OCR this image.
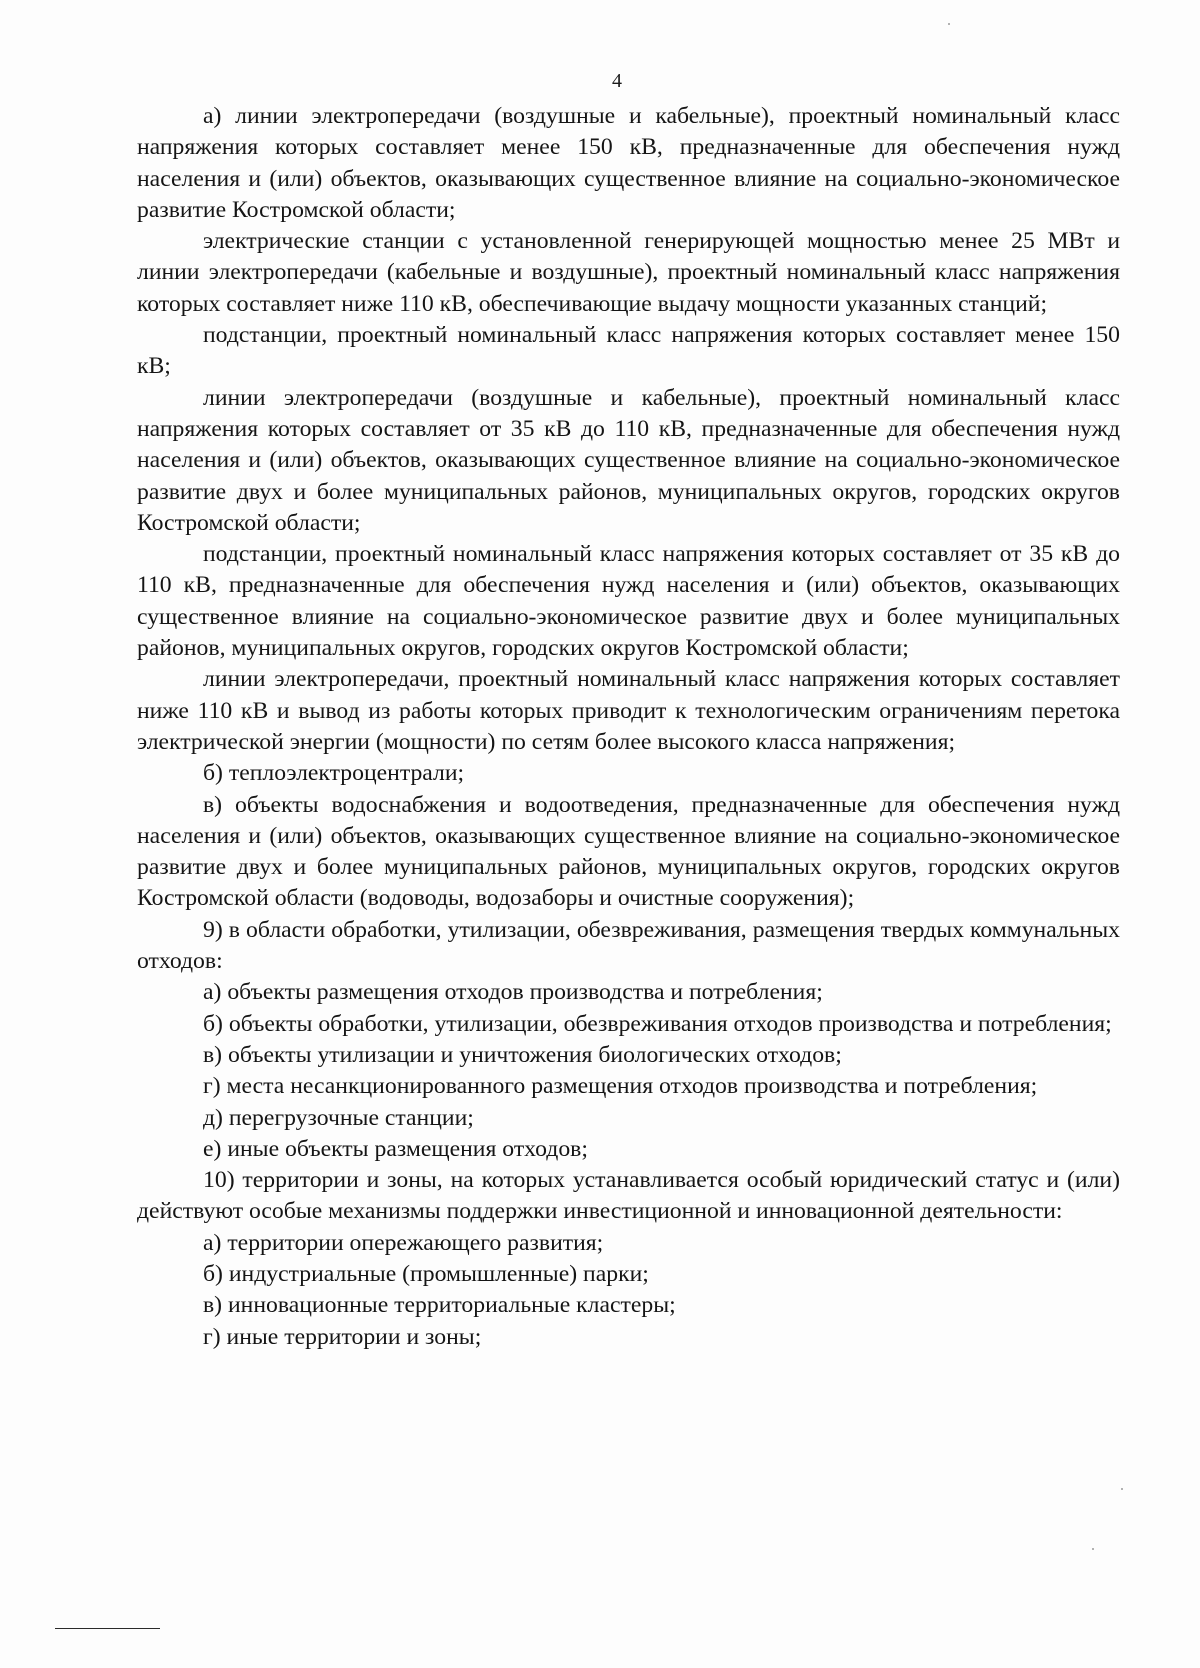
4

а) линии электропередачи (воздушные и кабельные), проектный номинальный класс напряжения которых составляет менее 150 кВ, предназначенные для обеспечения нужд населения и (или) объектов, оказывающих существенное влияние на социально-экономическое развитие Костромской области;

электрические станции с установленной генерирующей мощностью менее 25 МВт и линии электропередачи (кабельные и воздушные), проектный номинальный класс напряжения которых составляет ниже 110 кВ, обеспечивающие выдачу мощности указанных станций;

подстанции, проектный номинальный класс напряжения которых составляет менее 150 кВ;

линии электропередачи (воздушные и кабельные), проектный номинальный класс напряжения которых составляет от 35 кВ до 110 кВ, предназначенные для обеспечения нужд населения и (или) объектов, оказывающих существенное влияние на социально-экономическое развитие двух и более муниципальных районов, муниципальных округов, городских округов Костромской области;

подстанции, проектный номинальный класс напряжения которых составляет от 35 кВ до 110 кВ, предназначенные для обеспечения нужд населения и (или) объектов, оказывающих существенное влияние на социально-экономическое развитие двух и более муниципальных районов, муниципальных округов, городских округов Костромской области;

линии электропередачи, проектный номинальный класс напряжения которых составляет ниже 110 кВ и вывод из работы которых приводит к технологическим ограничениям перетока электрической энергии (мощности) по сетям более высокого класса напряжения;

б) теплоэлектроцентрали;

в) объекты водоснабжения и водоотведения, предназначенные для обеспечения нужд населения и (или) объектов, оказывающих существенное влияние на социально-экономическое развитие двух и более муниципальных районов, муниципальных округов, городских округов Костромской области (водоводы, водозаборы и очистные сооружения);

9) в области обработки, утилизации, обезвреживания, размещения твердых коммунальных отходов:

а) объекты размещения отходов производства и потребления;

б) объекты обработки, утилизации, обезвреживания отходов производства и потребления;

в) объекты утилизации и уничтожения биологических отходов;

г) места несанкционированного размещения отходов производства и потребления;

д) перегрузочные станции;

е) иные объекты размещения отходов;

10) территории и зоны, на которых устанавливается особый юридический статус и (или) действуют особые механизмы поддержки инвестиционной и инновационной деятельности:

а) территории опережающего развития;

б) индустриальные (промышленные) парки;

в) инновационные территориальные кластеры;

г) иные территории и зоны;
